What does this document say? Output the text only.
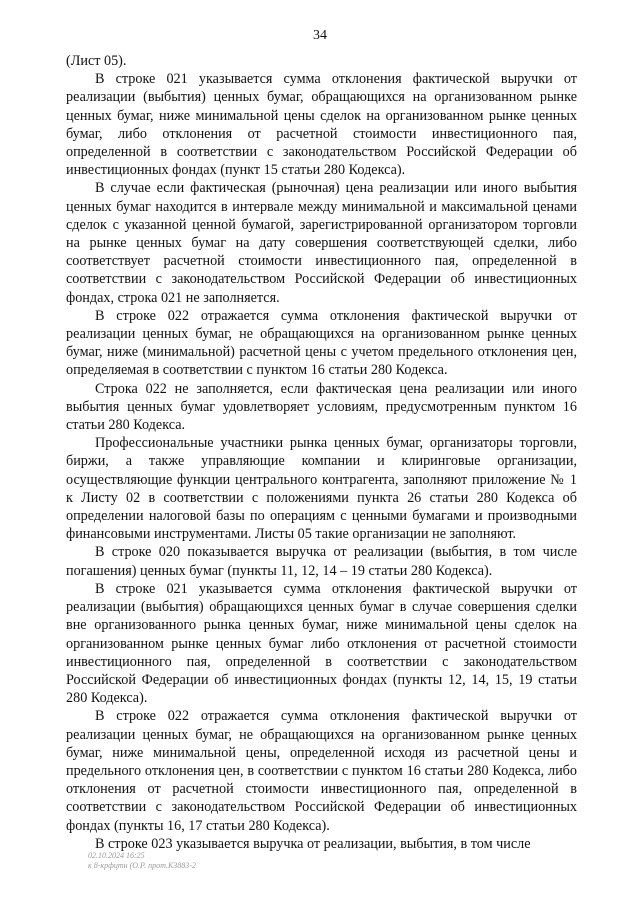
34

(Лист 05).

В строке 021 указывается сумма отклонения фактической выручки от реализации (выбытия) ценных бумаг, обращающихся на организованном рынке ценных бумаг, ниже минимальной цены сделок на организованном рынке ценных бумаг, либо отклонения от расчетной стоимости инвестиционного пая, определенной в соответствии с законодательством Российской Федерации об инвестиционных фондах (пункт 15 статьи 280 Кодекса).

В случае если фактическая (рыночная) цена реализации или иного выбытия ценных бумаг находится в интервале между минимальной и максимальной ценами сделок с указанной ценной бумагой, зарегистрированной организатором торговли на рынке ценных бумаг на дату совершения соответствующей сделки, либо соответствует расчетной стоимости инвестиционного пая, определенной в соответствии с законодательством Российской Федерации об инвестиционных фондах, строка 021 не заполняется.

В строке 022 отражается сумма отклонения фактической выручки от реализации ценных бумаг, не обращающихся на организованном рынке ценных бумаг, ниже (минимальной) расчетной цены с учетом предельного отклонения цен, определяемая в соответствии с пунктом 16 статьи 280 Кодекса.

Строка 022 не заполняется, если фактическая цена реализации или иного выбытия ценных бумаг удовлетворяет условиям, предусмотренным пунктом 16 статьи 280 Кодекса.

Профессиональные участники рынка ценных бумаг, организаторы торговли, биржи, а также управляющие компании и клиринговые организации, осуществляющие функции центрального контрагента, заполняют приложение № 1 к Листу 02 в соответствии с положениями пункта 26 статьи 280 Кодекса об определении налоговой базы по операциям с ценными бумагами и производными финансовыми инструментами. Листы 05 такие организации не заполняют.

В строке 020 показывается выручка от реализации (выбытия, в том числе погашения) ценных бумаг (пункты 11, 12, 14 – 19 статьи 280 Кодекса).

В строке 021 указывается сумма отклонения фактической выручки от реализации (выбытия) обращающихся ценных бумаг в случае совершения сделки вне организованного рынка ценных бумаг, ниже минимальной цены сделок на организованном рынке ценных бумаг либо отклонения от расчетной стоимости инвестиционного пая, определенной в соответствии с законодательством Российской Федерации об инвестиционных фондах (пункты 12, 14, 15, 19 статьи 280 Кодекса).

В строке 022 отражается сумма отклонения фактической выручки от реализации ценных бумаг, не обращающихся на организованном рынке ценных бумаг, ниже минимальной цены, определенной исходя из расчетной цены и предельного отклонения цен, в соответствии с пунктом 16 статьи 280 Кодекса, либо отклонения от расчетной стоимости инвестиционного пая, определенной в соответствии с законодательством Российской Федерации об инвестиционных фондах (пункты 16, 17 статьи 280 Кодекса).

В строке 023 указывается выручка от реализации, выбытия, в том числе

02.10.2024 16:25
к 8-крфцтн (О.Р. прот.КЗ883-2
